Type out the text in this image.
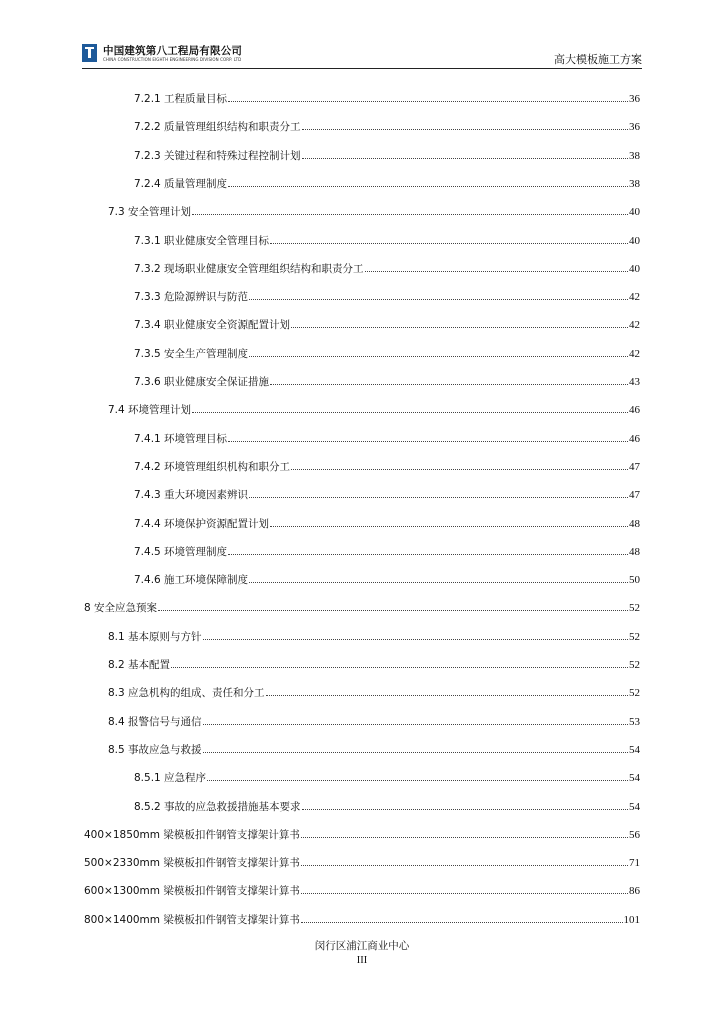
中国建筑第八工程局有限公司
CHINA CONSTRUCTION EIGHTH ENGINEERING DIVISION CORP. LTD	高大模板施工方案
7.2.1 工程质量目标	36
7.2.2 质量管理组织结构和职责分工	36
7.2.3 关键过程和特殊过程控制计划	38
7.2.4 质量管理制度	38
7.3 安全管理计划	40
7.3.1 职业健康安全管理目标	40
7.3.2 现场职业健康安全管理组织结构和职责分工	40
7.3.3 危险源辨识与防范	42
7.3.4 职业健康安全资源配置计划	42
7.3.5 安全生产管理制度	42
7.3.6 职业健康安全保证措施	43
7.4 环境管理计划	46
7.4.1 环境管理目标	46
7.4.2 环境管理组织机构和职分工	47
7.4.3 重大环境因素辨识	47
7.4.4 环境保护资源配置计划	48
7.4.5 环境管理制度	48
7.4.6 施工环境保障制度	50
8 安全应急预案	52
8.1 基本原则与方针	52
8.2 基本配置	52
8.3 应急机构的组成、责任和分工	52
8.4 报警信号与通信	53
8.5 事故应急与救援	54
8.5.1 应急程序	54
8.5.2 事故的应急救援措施基本要求	54
400×1850mm 梁模板扣件钢管支撑架计算书	56
500×2330mm 梁模板扣件钢管支撑架计算书	71
600×1300mm 梁模板扣件钢管支撑架计算书	86
800×1400mm 梁模板扣件钢管支撑架计算书	101
闵行区浦江商业中心
III
